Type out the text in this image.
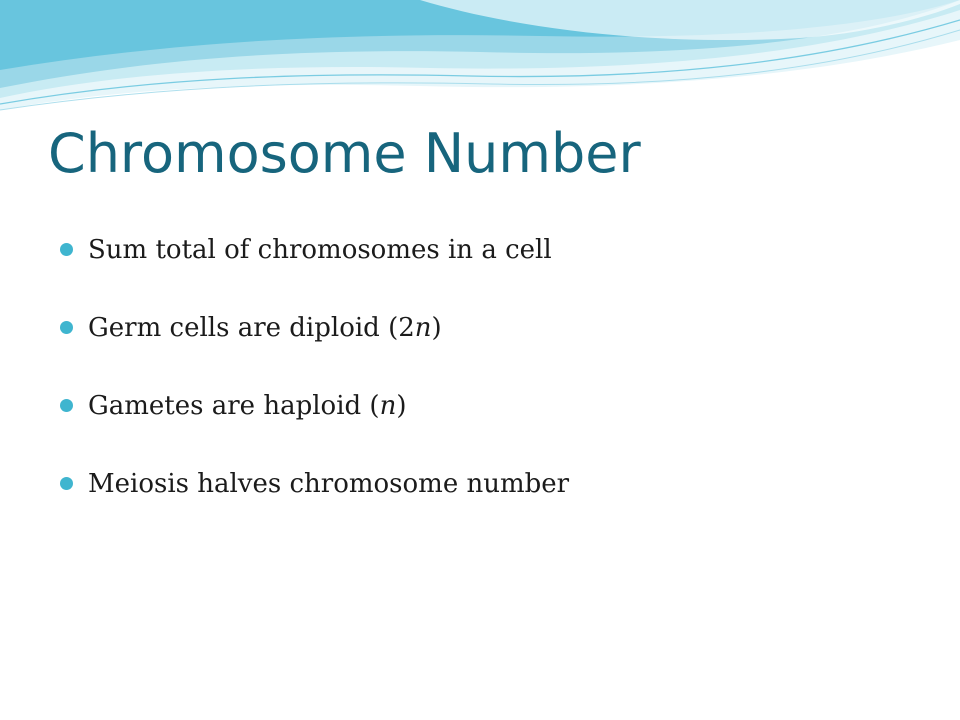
Chromosome Number
Sum total of chromosomes in a cell
Germ cells are diploid (2n)
Gametes are haploid (n)
Meiosis halves chromosome number
